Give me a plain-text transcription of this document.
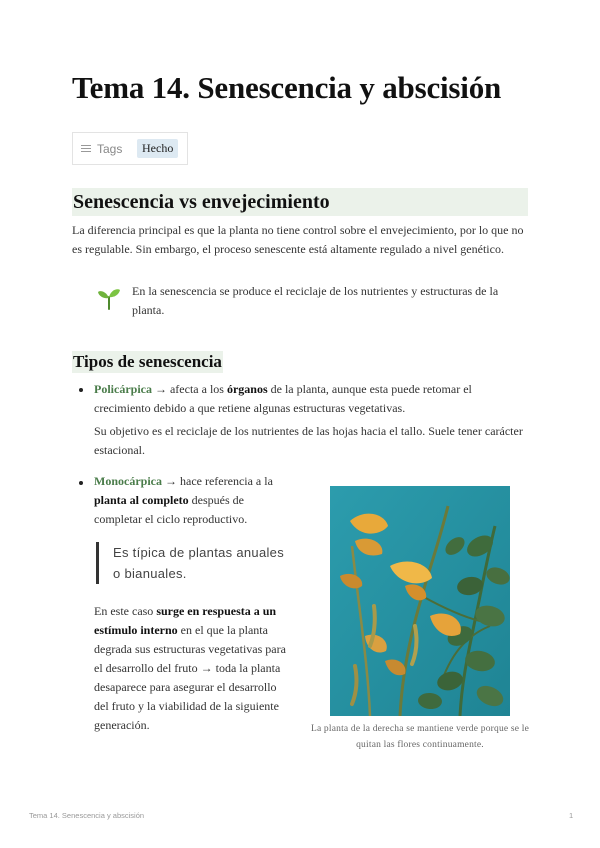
Tema 14. Senescencia y abscisión
Tags	Hecho
Senescencia vs envejecimiento
La diferencia principal es que la planta no tiene control sobre el envejecimiento, por lo que no es regulable. Sin embargo, el proceso senescente está altamente regulado a nivel genético.
En la senescencia se produce el reciclaje de los nutrientes y estructuras de la planta.
Tipos de senescencia
Policárpica → afecta a los órganos de la planta, aunque esta puede retomar el crecimiento debido a que retiene algunas estructuras vegetativas.
Su objetivo es el reciclaje de los nutrientes de las hojas hacia el tallo. Suele tener carácter estacional.
Monocárpica → hace referencia a la planta al completo después de completar el ciclo reproductivo.
Es típica de plantas anuales o bianuales.
En este caso surge en respuesta a un estímulo interno en el que la planta degrada sus estructuras vegetativas para el desarrollo del fruto → toda la planta desaparece para asegurar el desarrollo del fruto y la viabilidad de la siguiente generación.	La planta de la derecha se mantiene verde porque se le quitan las flores continuamente.
Tema 14. Senescencia y abscisión	1
